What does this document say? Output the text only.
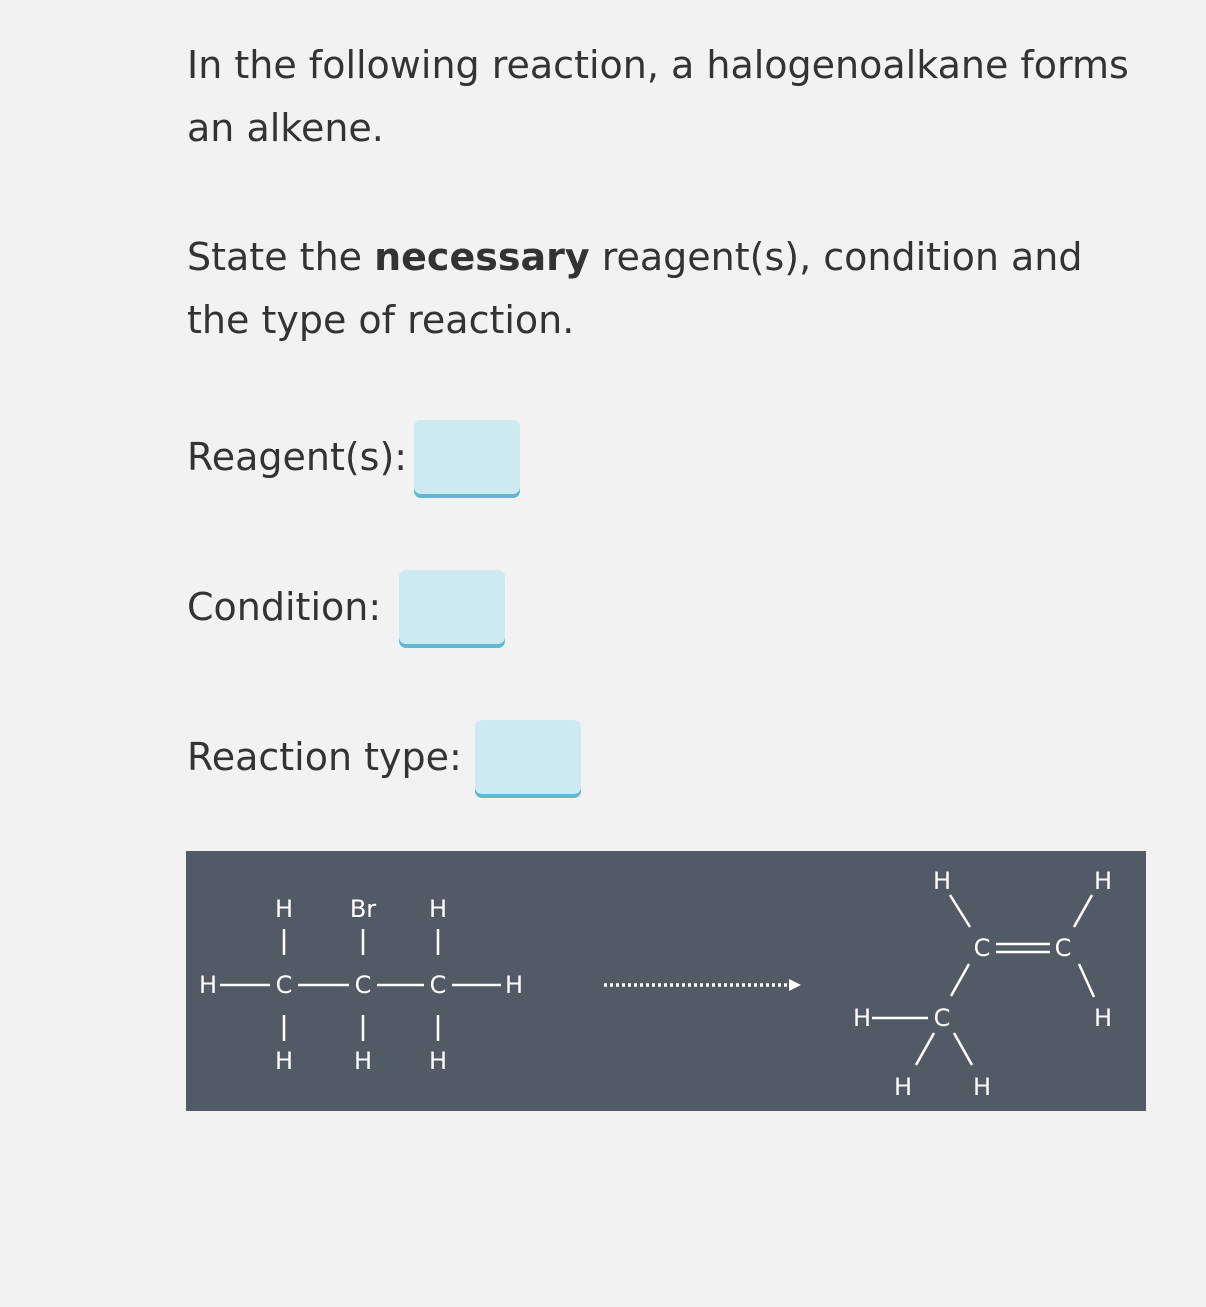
In the following reaction, a halogenoalkane forms an alkene.

State the necessary reagent(s), condition and the type of reaction.

Reagent(s):
Condition:
Reaction type:
H Br H
H C	C C H
H	H H
H	H
C	C
H
H	C
H	H
